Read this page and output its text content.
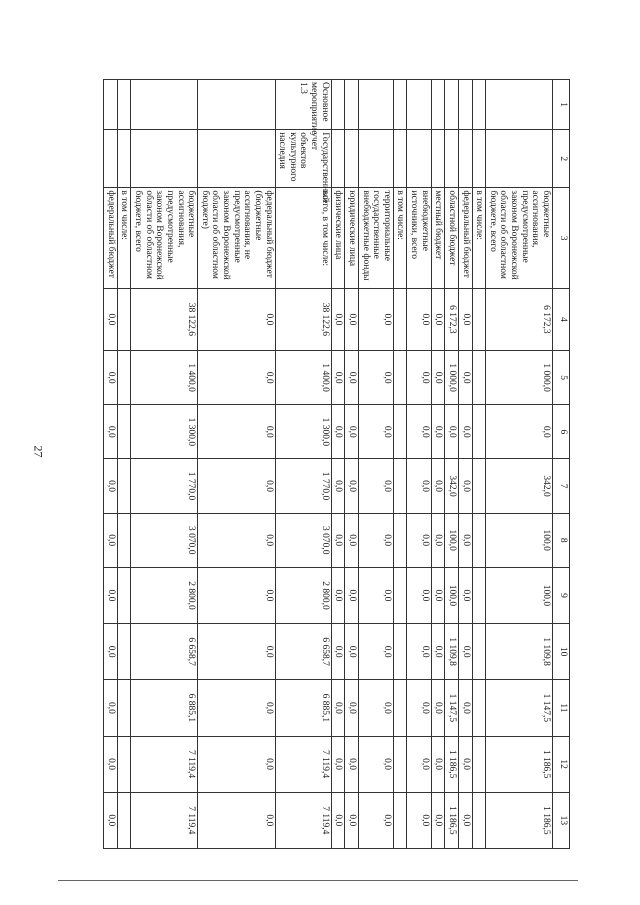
27
1	2	3	4	5	6	7	8	9	10	11	12	13
		бюджетные ассигнования, предусмотренные законом Воронежской области об областном бюджете, всего	6 172,3	1 000,0	0,0	342,0	100,0	100,0	1 109,8	1 147,5	1 186,5	1 186,5
		в том числе:										
		федеральный бюджет	0,0	0,0	0,0	0,0	0,0	0,0	0,0	0,0	0,0	0,0
		областной бюджет	6 172,3	1 000,0	0,0	342,0	100,0	100,0	1 109,8	1 147,5	1 186,5	1 186,5
		местный бюджет	0,0	0,0	0,0	0,0	0,0	0,0	0,0	0,0	0,0	0,0
		внебюджетные источники, всего	0,0	0,0	0,0	0,0	0,0	0,0	0,0	0,0	0,0	0,0
		в том числе:										
		территориальные государственные внебюджетные фонды	0,0	0,0	0,0	0,0	0,0	0,0	0,0	0,0	0,0	0,0
		юридические лица	0,0	0,0	0,0	0,0	0,0	0,0	0,0	0,0	0,0	0,0
		физические лица	0,0	0,0	0,0	0,0	0,0	0,0	0,0	0,0	0,0	0,0
Основное мероприятие 1.3	Государственный учет объектов культурного наследия	всего, в том числе:	38 122,6	1 400,0	1 300,0	1 770,0	3 070,0	2 800,0	6 658,7	6 885,1	7 119,4	7 119,4
		федеральный бюджет (бюджетные ассигнования, не предусмотренные законом Воронежской области об областном бюджете)	0,0	0,0	0,0	0,0	0,0	0,0	0,0	0,0	0,0	0,0
		бюджетные ассигнования, предусмотренные законом Воронежской области об областном бюджете, всего	38 122,6	1 400,0	1 300,0	1 770,0	3 070,0	2 800,0	6 658,7	6 885,1	7 119,4	7 119,4
		в том числе:										
		федеральный бюджет	0,0	0,0	0,0	0,0	0,0	0,0	0,0	0,0	0,0	0,0
